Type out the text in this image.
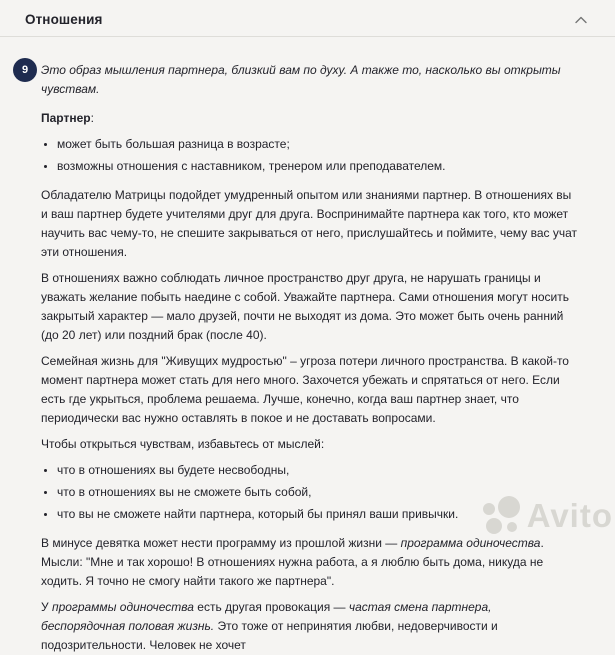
Отношения
9	Это образ мышления партнера, близкий вам по духу. А также то, насколько вы открыты чувствам.

Партнер:

• может быть большая разница в возрасте;
• возможны отношения с наставником, тренером или преподавателем.

Обладателю Матрицы подойдет умудренный опытом или знаниями партнер. В отношениях вы и ваш партнер будете учителями друг для друга. Воспринимайте партнера как того, кто может научить вас чему-то, не спешите закрываться от него, прислушайтесь и поймите, чему вас учат эти отношения.

В отношениях важно соблюдать личное пространство друг друга, не нарушать границы и уважать желание побыть наедине с собой. Уважайте партнера. Сами отношения могут носить закрытый характер — мало друзей, почти не выходят из дома. Это может быть очень ранний (до 20 лет) или поздний брак (после 40).

Семейная жизнь для "Живущих мудростью" – угроза потери личного пространства. В какой-то момент партнера может стать для него много. Захочется убежать и спрятаться от него. Если есть где укрыться, проблема решаема. Лучше, конечно, когда ваш партнер знает, что периодически вас нужно оставлять в покое и не доставать вопросами.

Чтобы открыться чувствам, избавьтесь от мыслей:

• что в отношениях вы будете несвободны,
• что в отношениях вы не сможете быть собой,
• что вы не сможете найти партнера, который бы принял ваши привычки.

В минусе девятка может нести программу из прошлой жизни — программа одиночества. Мысли: "Мне и так хорошо! В отношениях нужна работа, а я люблю быть дома, никуда не ходить. Я точно не смогу найти такого же партнера".

У программы одиночества есть другая провокация — частая смена партнера, беспорядочная половая жизнь. Это тоже от непринятия любви, недоверчивости и подозрительности. Человек не хочет

Avito
